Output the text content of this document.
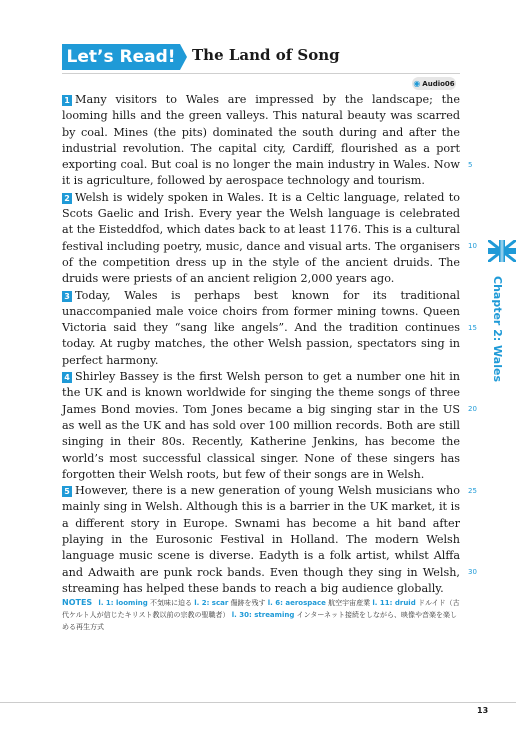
Let’s Read! The Land of Song
◉ Audio06

1 Many visitors to Wales are impressed by the landscape; the looming hills and the green valleys. This natural beauty was scarred by coal. Mines (the pits) dominated the south during and after the industrial revolution. The capital city, Cardiff, flourished as a port exporting coal. But coal is no longer the main industry in Wales. Now it is agriculture, followed by aerospace technology and tourism.

2 Welsh is widely spoken in Wales. It is a Celtic language, related to Scots Gaelic and Irish. Every year the Welsh language is celebrated at the Eisteddfod, which dates back to at least 1176. This is a cultural festival including poetry, music, dance and visual arts. The organisers of the competition dress up in the style of the ancient druids. The druids were priests of an ancient religion 2,000 years ago.

3 Today, Wales is perhaps best known for its traditional unaccompanied male voice choirs from former mining towns. Queen Victoria said they “sang like angels”. And the tradition continues today. At rugby matches, the other Welsh passion, spectators sing in perfect harmony.

4 Shirley Bassey is the first Welsh person to get a number one hit in the UK and is known worldwide for singing the theme songs of three James Bond movies. Tom Jones became a big singing star in the US as well as the UK and has sold over 100 million records. Both are still singing in their 80s. Recently, Katherine Jenkins, has become the world’s most successful classical singer. None of these singers has forgotten their Welsh roots, but few of their songs are in Welsh.

5 However, there is a new generation of young Welsh musicians who mainly sing in Welsh. Although this is a barrier in the UK market, it is a different story in Europe. Swnami has become a hit band after playing in the Eurosonic Festival in Holland. The modern Welsh language music scene is diverse. Eadyth is a folk artist, whilst Alffa and Adwaith are punk rock bands. Even though they sing in Welsh, streaming has helped these bands to reach a big audience globally.

5
10
15
20
25
30
Chapter 2: Wales
NOTES l. 1: looming 不気味に迫る l. 2: scar 傷跡を残す l. 6: aerospace 航空宇宙産業 l. 11: druid ドルイド（古代ケルト人が信じたキリスト教以前の宗教の聖職者） l. 30: streaming インターネット接続をしながら、映像や音楽を楽しめる再生方式
13
